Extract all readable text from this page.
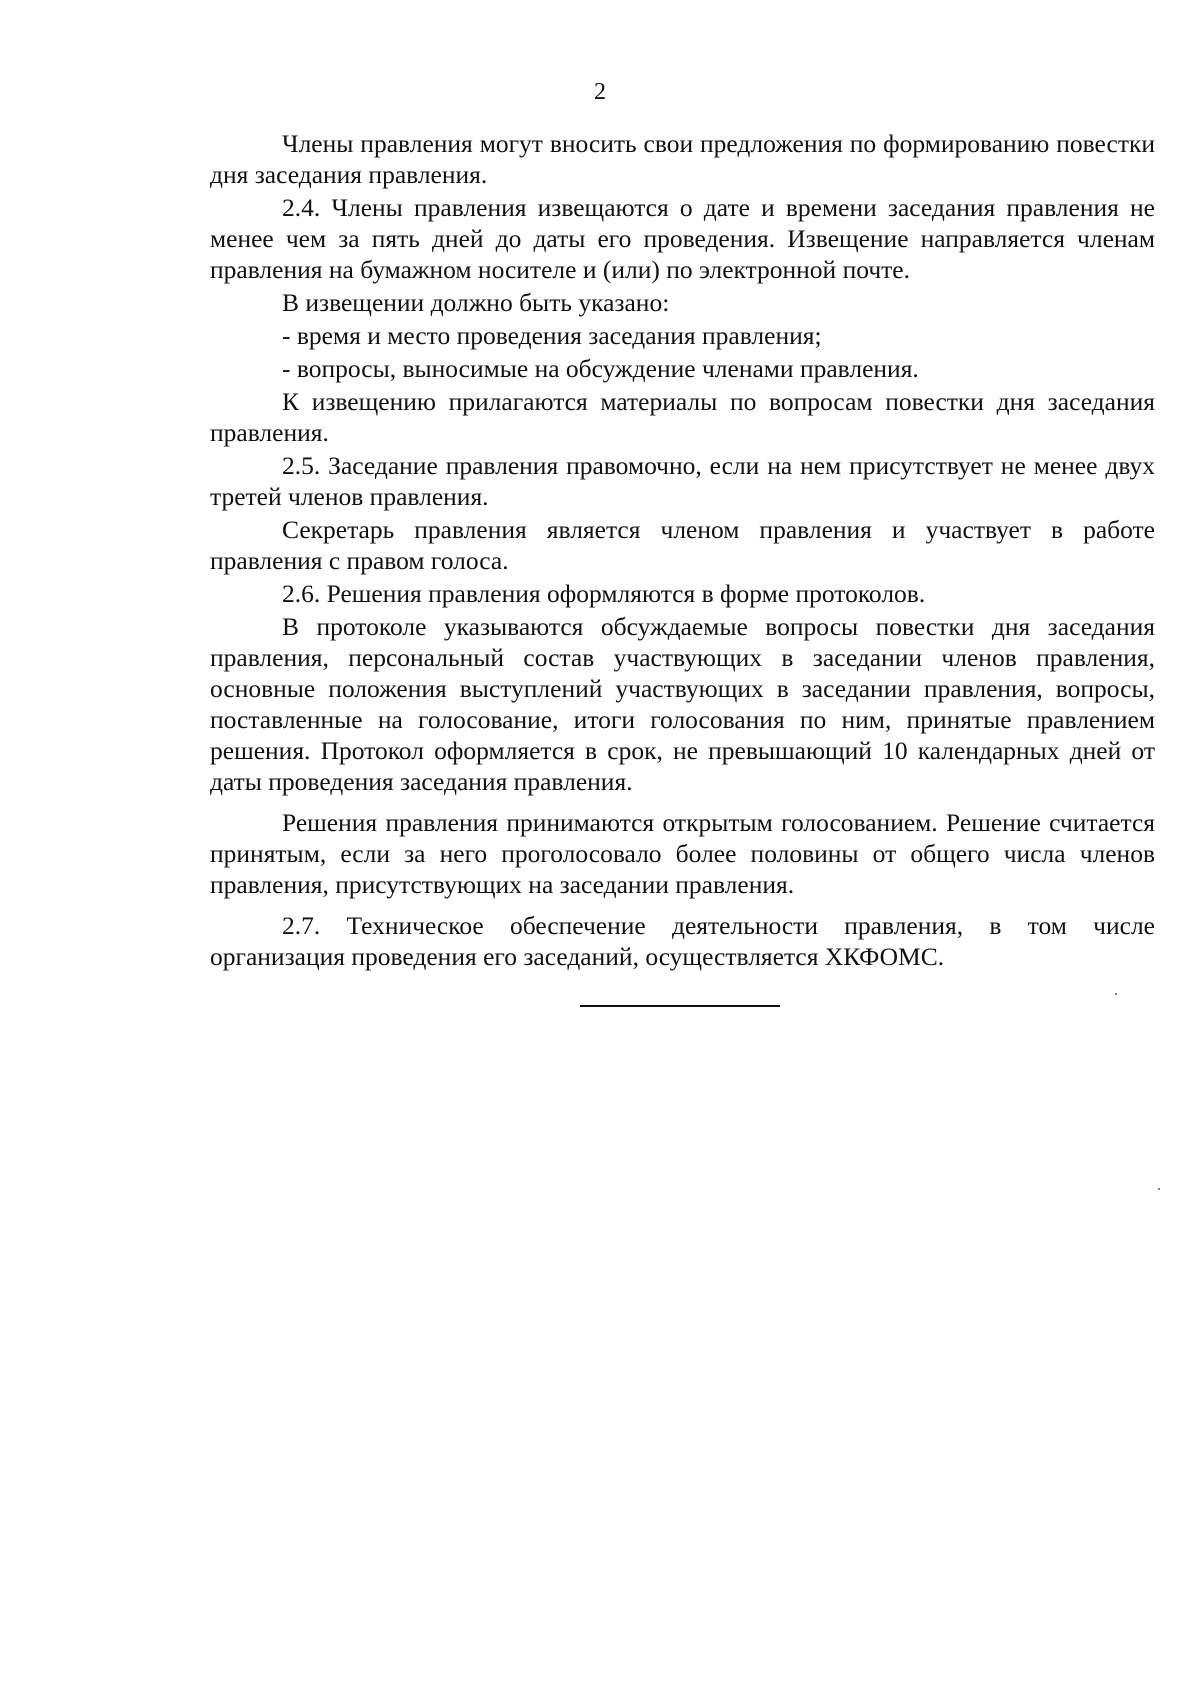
2

Члены правления могут вносить свои предложения по формированию повестки дня заседания правления.

2.4. Члены правления извещаются о дате и времени заседания правления не менее чем за пять дней до даты его проведения. Извещение направляется членам правления на бумажном носителе и (или) по электронной почте.

В извещении должно быть указано:

- время и место проведения заседания правления;

- вопросы, выносимые на обсуждение членами правления.

К извещению прилагаются материалы по вопросам повестки дня заседания правления.

2.5. Заседание правления правомочно, если на нем присутствует не менее двух третей членов правления.

Секретарь правления является членом правления и участвует в работе правления с правом голоса.

2.6. Решения правления оформляются в форме протоколов.

В протоколе указываются обсуждаемые вопросы повестки дня заседания правления, персональный состав участвующих в заседании членов правления, основные положения выступлений участвующих в заседании правления, вопросы, поставленные на голосование, итоги голосования по ним, принятые правлением решения. Протокол оформляется в срок, не превышающий 10 календарных дней от даты проведения заседания правления.

Решения правления принимаются открытым голосованием. Решение считается принятым, если за него проголосовало более половины от общего числа членов правления, присутствующих на заседании правления.

2.7. Техническое обеспечение деятельности правления, в том числе организация проведения его заседаний, осуществляется ХКФОМС.
